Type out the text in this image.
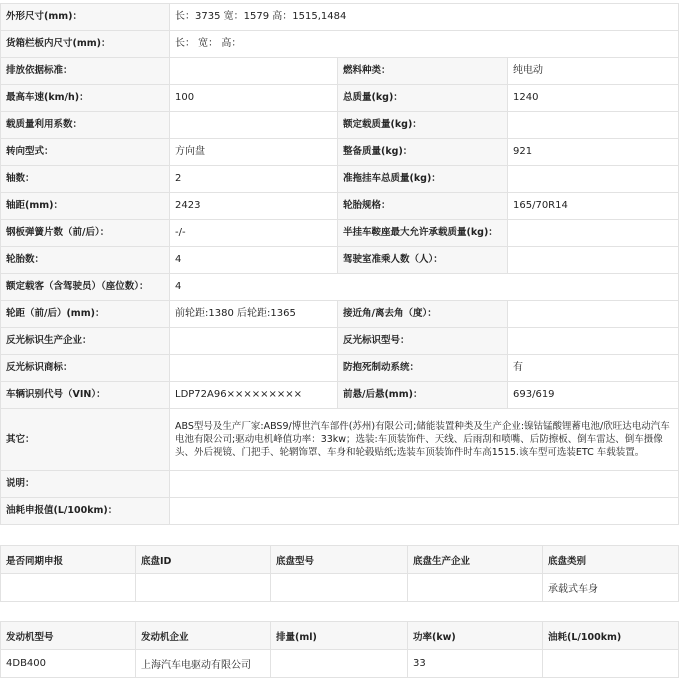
外形尺寸(mm)：	长：3735 宽：1579 高：1515,1484		
货箱栏板内尺寸(mm)：	长： 宽： 高：		
排放依据标准：		燃料种类：	纯电动
最高车速(km/h)：	100	总质量(kg)：	1240
载质量利用系数：		额定载质量(kg)：	
转向型式：	方向盘	整备质量(kg)：	921
轴数：	2	准拖挂车总质量(kg)：	
轴距(mm)：	2423	轮胎规格：	165/70R14
钢板弹簧片数（前/后）：	-/-	半挂车鞍座最大允许承载质量(kg)：	
轮胎数：	4	驾驶室准乘人数（人）：	
额定载客（含驾驶员）（座位数）：	4		
轮距（前/后）(mm)：	前轮距:1380 后轮距:1365	接近角/离去角（度）：	
反光标识生产企业：		反光标识型号：	
反光标识商标：		防抱死制动系统：	有
车辆识别代号（VIN）：	LDP72A96×××××××××	前悬/后悬(mm)：	693/619
其它：	ABS型号及生产厂家:ABS9/博世汽车部件(苏州)有限公司;储能装置种类及生产企业:镍钴锰酸锂蓄电池/欣旺达电动汽车电池有限公司;驱动电机峰值功率：33kw；选装:车顶装饰件、天线、后雨刮和喷嘴、后防擦板、倒车雷达、倒车摄像头、外后视镜、门把手、轮辋饰罩、车身和轮毂贴纸;选装车顶装饰件时车高1515.该车型可选装ETC 车载装置。		
说明：			
油耗申报值(L/100km)：			
是否同期申报	底盘ID	底盘型号	底盘生产企业	底盘类别
				承载式车身
发动机型号	发动机企业	排量(ml)	功率(kw)	油耗(L/100km)
4DB400	上海汽车电驱动有限公司		33	
